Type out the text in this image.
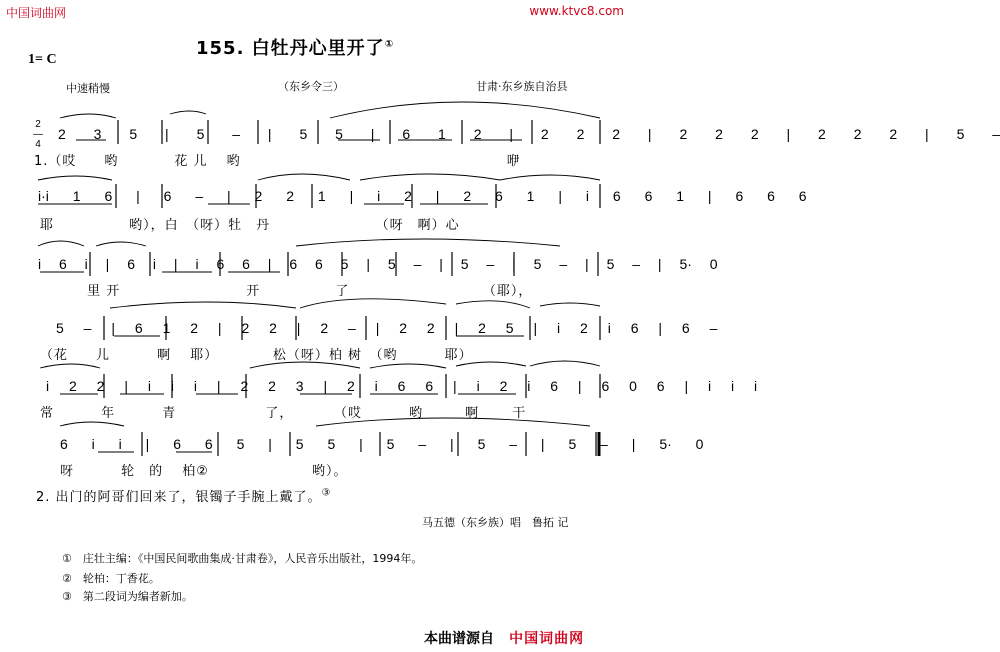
中国词曲网	www.ktvc8.com
155. 白牡丹心里开了①
1= C
中速稍慢	（东乡令三）	甘肃·东乡族自治县
2
—
4
2 3 5 | 5 – | 5 5 | 6 1 2 | 2 2 2 | 2 2 2 | 2 2 2 | 5 –
i·i 1 6 | 6 – | 2 2 1 | i 2 | 2 6 1 | i 6 6 1 | 6 6 6
i 6 i | 6 i | i 6 6 | 6 6 5 | 5 – | 5 – | 5 – | 5 – | 5· 0
5 – | 6 1 2 | 2 2 | 2 – | 2 2 | 2 5 | i 2 i 6 | 6 –
i 2 2 | i i i | 2 2 3 | 2 i 6 6 | i 2 i 6 | 6 0 6 | i i i
6 i i | 6 6 5 | 5 5 | 5 – | 5 – | 5 – | 5· 0
1.（哎　　哟　　　　花 儿　 哟　　　　　　　　　　　　　　　　　　　咿
耶　　　　　 哟），白　（呀）牡　丹　　　　　　　　（呀　啊）心
　　　 里 开　　　　　　　　　开　　　　　 了　　　　　　　　　　（耶），
（花　　儿　　　 啊　 耶）　　　　 松（呀）柏 树　（哟　　　 耶）
常　　　 年　　　 青　　　　　　 了，　　　 （哎　　　 哟　　　啊　　 干
呀　　　 轮　的　 柏②　　　　　　　 哟）。
2. 出门的阿哥们回来了，银镯子手腕上戴了。③
马五德（东乡族）唱　鲁拓 记
①　 庄壮主编：《中国民间歌曲集成·甘肃卷》，人民音乐出版社，1994年。
②　 轮柏：丁香花。
③　 第二段词为编者新加。
本曲谱源自 中国词曲网
